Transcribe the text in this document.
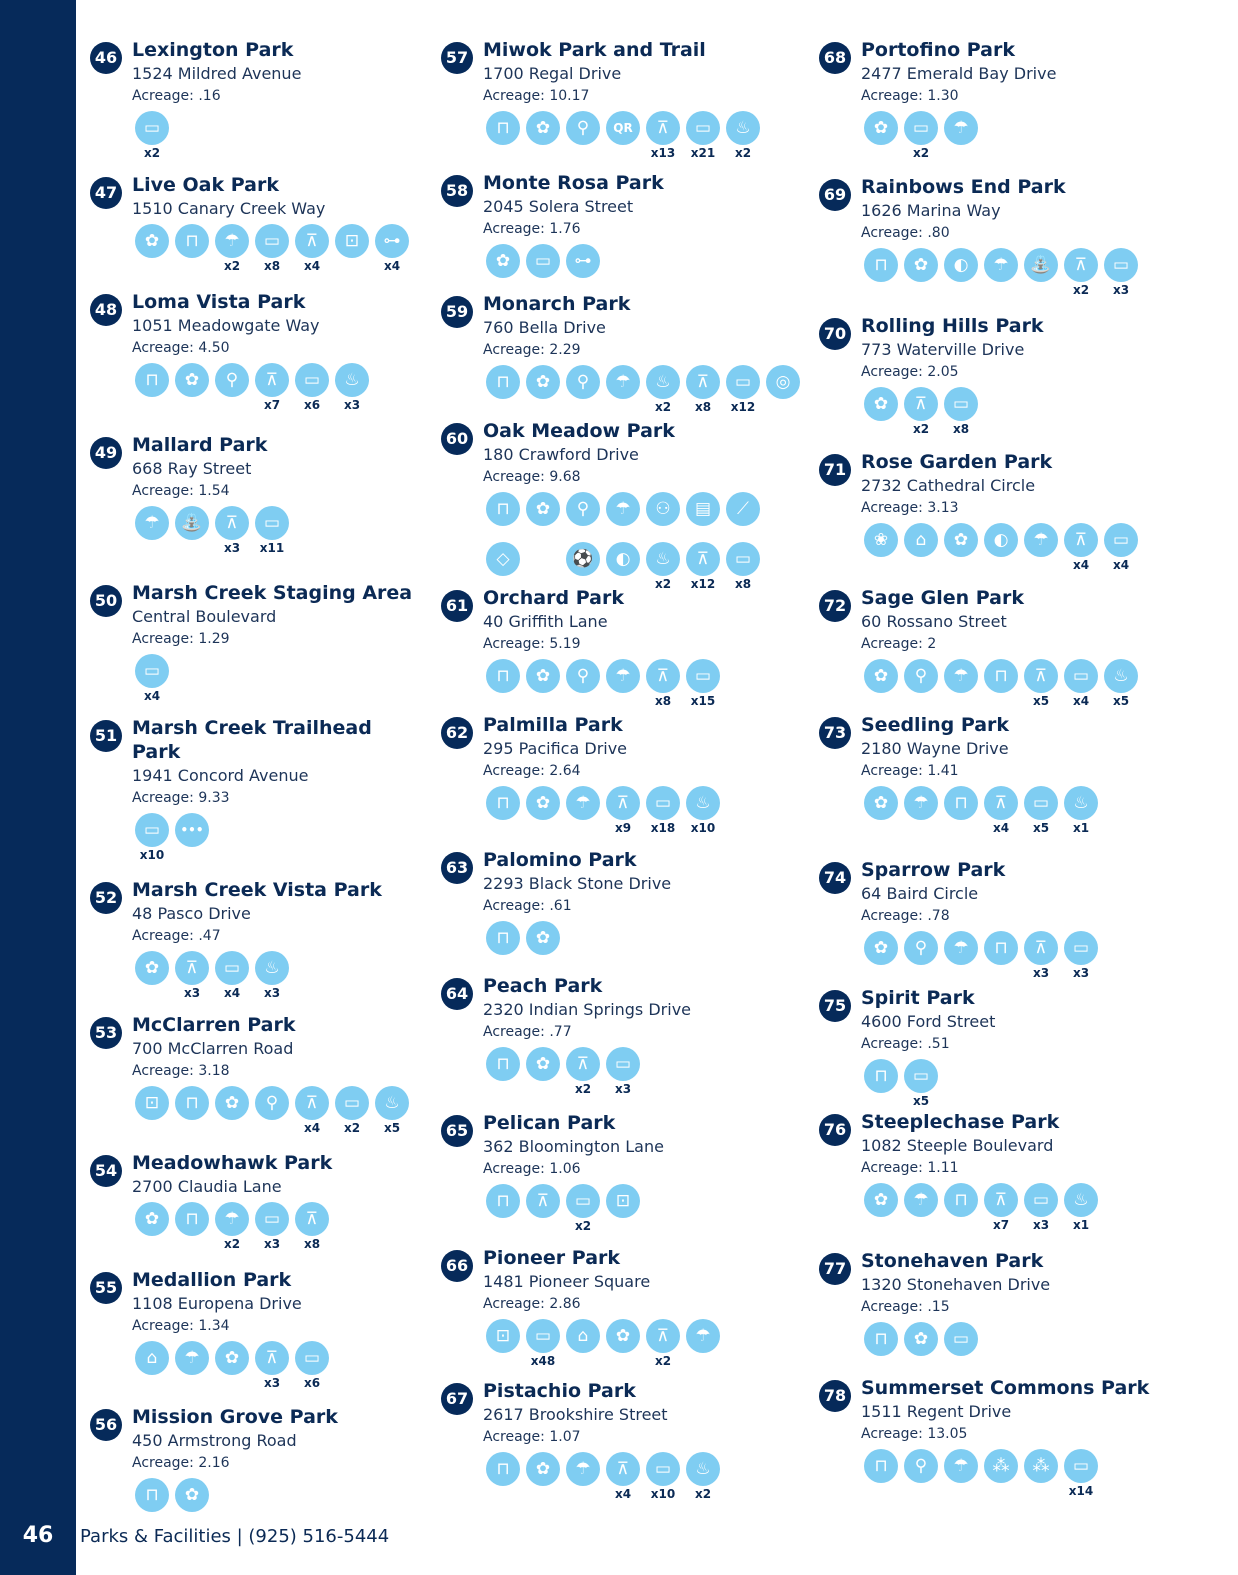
46	Parks & Facilities | (925) 516-5444
46 Lexington Park
1524 Mildred Avenue
Acreage: .16
▭
x2
47 Live Oak Park
1510 Canary Creek Way
✿	⊓	☂
x2
▭
x8
⊼
x4
⊡	⊶
x4
48 Loma Vista Park
1051 Meadowgate Way
Acreage: 4.50
⊓	✿	⚲	⊼
x7
▭
x6
♨
x3
49 Mallard Park
668 Ray Street
Acreage: 1.54
☂	⛲	⊼
x3
▭
x11
50 Marsh Creek Staging Area
Central Boulevard
Acreage: 1.29
▭
x4
51 Marsh Creek Trailhead
Park
1941 Concord Avenue
Acreage: 9.33
▭
x10
•••
52 Marsh Creek Vista Park
48 Pasco Drive
Acreage: .47
✿	⊼
x3
▭
x4
♨
x3
53 McClarren Park
700 McClarren Road
Acreage: 3.18
⊡	⊓	✿	⚲	⊼
x4
▭
x2
♨
x5
54 Meadowhawk Park
2700 Claudia Lane
✿	⊓	☂
x2
▭
x3
⊼
x8
55 Medallion Park
1108 Europena Drive
Acreage: 1.34
⌂	☂	✿	⊼
x3
▭
x6
56 Mission Grove Park
450 Armstrong Road
Acreage: 2.16
⊓	✿
57 Miwok Park and Trail
1700 Regal Drive
Acreage: 10.17
⊓	✿	⚲	QR	⊼
x13
▭
x21
♨
x2
58 Monte Rosa Park
2045 Solera Street
Acreage: 1.76
✿	▭	⊶
59 Monarch Park
760 Bella Drive
Acreage: 2.29
⊓	✿	⚲	☂	♨
x2
⊼
x8
▭
x12
◎
60 Oak Meadow Park
180 Crawford Drive
Acreage: 9.68
⊓	✿	⚲	☂	⚇	▤	⟋
◇	⚽	◐	♨
x2
⊼
x12
▭
x8
61 Orchard Park
40 Griffith Lane
Acreage: 5.19
⊓	✿	⚲	☂	⊼
x8
▭
x15
62 Palmilla Park
295 Pacifica Drive
Acreage: 2.64
⊓	✿	☂	⊼
x9
▭
x18
♨
x10
63 Palomino Park
2293 Black Stone Drive
Acreage: .61
⊓	✿
64 Peach Park
2320 Indian Springs Drive
Acreage: .77
⊓	✿	⊼
x2
▭
x3
65 Pelican Park
362 Bloomington Lane
Acreage: 1.06
⊓	⊼	▭
x2
⊡
66 Pioneer Park
1481 Pioneer Square
Acreage: 2.86
⊡	▭
x48
⌂	✿	⊼
x2
☂
67 Pistachio Park
2617 Brookshire Street
Acreage: 1.07
⊓	✿	☂	⊼
x4
▭
x10
♨
x2
68 Portofino Park
2477 Emerald Bay Drive
Acreage: 1.30
✿	▭
x2
☂
69 Rainbows End Park
1626 Marina Way
Acreage: .80
⊓	✿	◐	☂	⛲	⊼
x2
▭
x3
70 Rolling Hills Park
773 Waterville Drive
Acreage: 2.05
✿	⊼
x2
▭
x8
71 Rose Garden Park
2732 Cathedral Circle
Acreage: 3.13
❀	⌂	✿	◐	☂	⊼
x4
▭
x4
72 Sage Glen Park
60 Rossano Street
Acreage: 2
✿	⚲	☂	⊓	⊼
x5
▭
x4
♨
x5
73 Seedling Park
2180 Wayne Drive
Acreage: 1.41
✿	☂	⊓	⊼
x4
▭
x5
♨
x1
74 Sparrow Park
64 Baird Circle
Acreage: .78
✿	⚲	☂	⊓	⊼
x3
▭
x3
75 Spirit Park
4600 Ford Street
Acreage: .51
⊓	▭
x5
76 Steeplechase Park
1082 Steeple Boulevard
Acreage: 1.11
✿	☂	⊓	⊼
x7
▭
x3
♨
x1
77 Stonehaven Park
1320 Stonehaven Drive
Acreage: .15
⊓	✿	▭
78 Summerset Commons Park
1511 Regent Drive
Acreage: 13.05
⊓	⚲	☂	⁂	⁂	▭
x14
